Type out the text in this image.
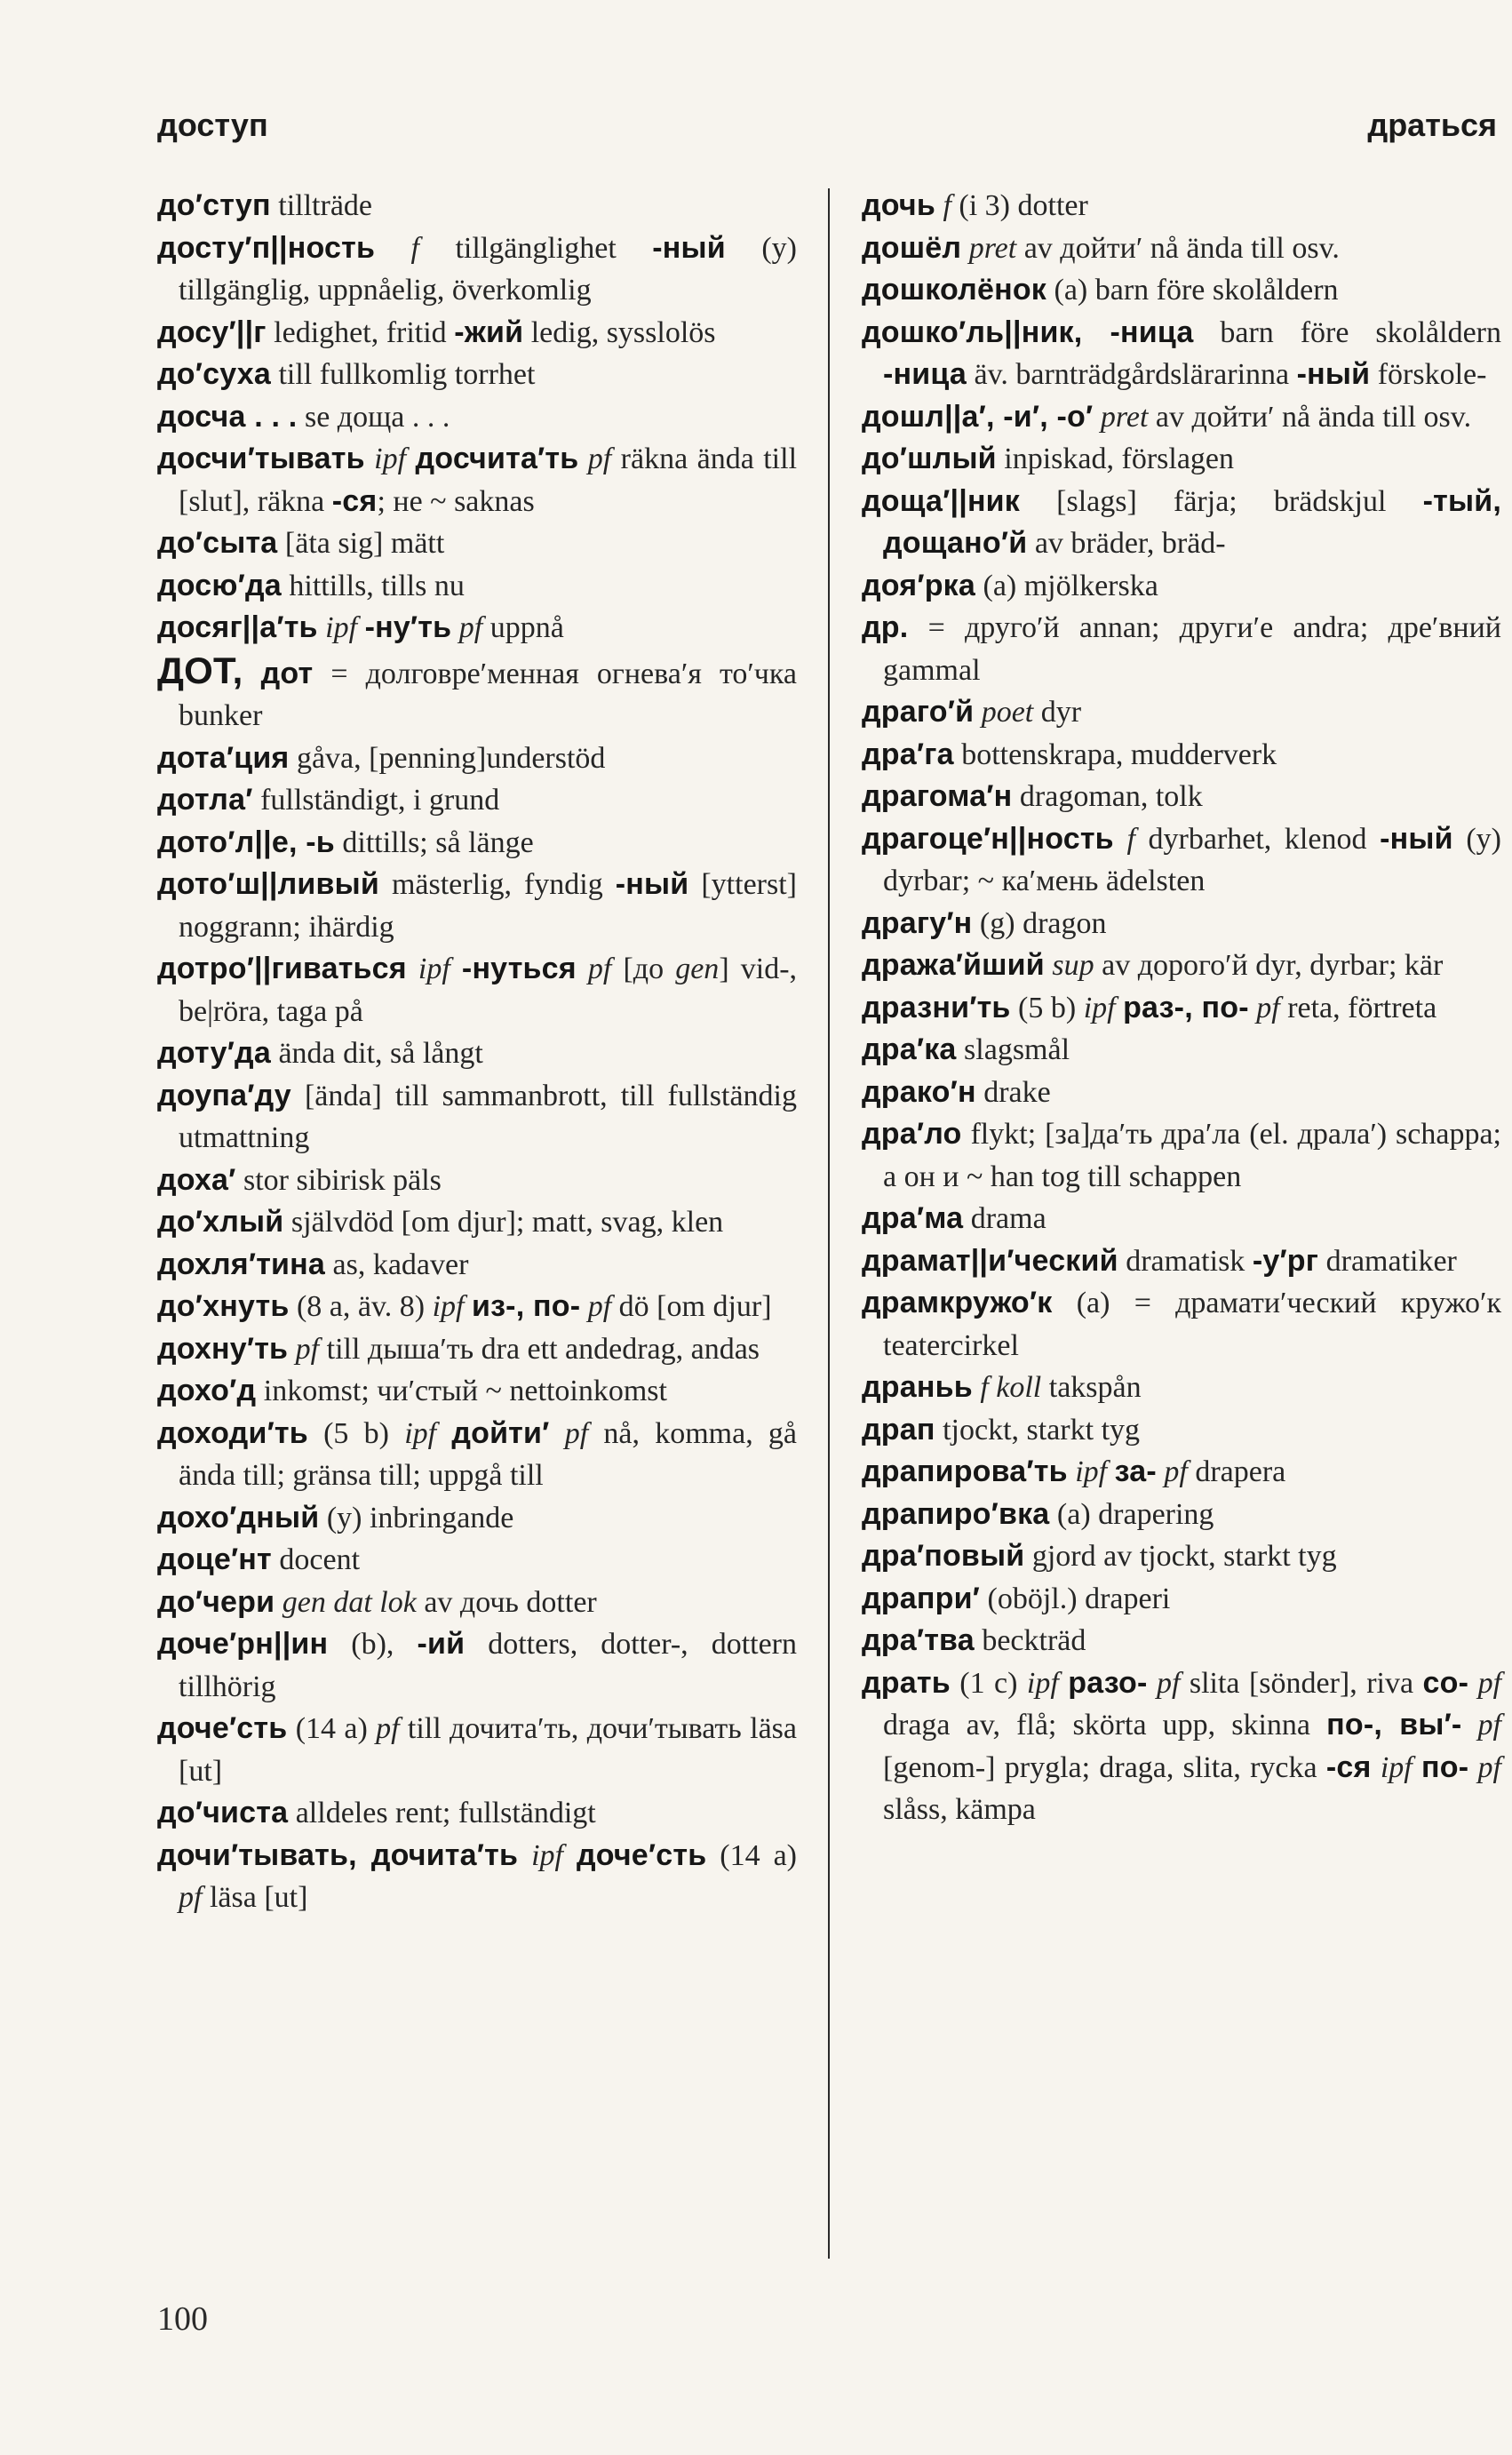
доступ	драться
до′ступ tillträde
досту′п||ность f tillgänglighet -ный (y) tillgänglig, uppnåelig, överkomlig
досу′||г ledighet, fritid -жий ledig, sysslolös
до′суха till fullkomlig torrhet
досча . . . se доща . . .
досчи′тывать ipf досчита′ть pf räkna ända till [slut], räkna -ся; не ~ saknas
до′сыта [äta sig] mätt
досю′да hittills, tills nu
досяг||а′ть ipf -ну′ть pf uppnå
ДОТ, дот = долговре′менная огнева′я то′чка bunker
дота′ция gåva, [penning]understöd
дотла′ fullständigt, i grund
дото′л||е, -ь dittills; så länge
дото′ш||ливый mästerlig, fyndig -ный [ytterst] noggrann; ihärdig
дотро′||гиваться ipf -нуться pf [до gen] vid-, be|röra, taga på
доту′да ända dit, så långt
доупа′ду [ända] till sammanbrott, till fullständig utmattning
доха′ stor sibirisk päls
до′хлый självdöd [om djur]; matt, svag, klen
дохля′тина as, kadaver
до′хнуть (8 a, äv. 8) ipf из-, по- pf dö [om djur]
дохну′ть pf till дыша′ть dra ett andedrag, andas
дохо′д inkomst; чи′стый ~ nettoinkomst
доходи′ть (5 b) ipf дойти′ pf nå, komma, gå ända till; gränsa till; uppgå till
дохо′дный (y) inbringande
доце′нт docent
до′чери gen dat lok av дочь dotter
доче′рн||ин (b), -ий dotters, dotter-, dottern tillhörig
доче′сть (14 a) pf till дочита′ть, дочи′тывать läsa [ut]
до′чиста alldeles rent; fullständigt
дочи′тывать, дочита′ть ipf доче′сть (14 a) pf läsa [ut]
дочь f (i 3) dotter
дошёл pret av дойти′ nå ända till osv.
дошколёнок (a) barn före skolåldern
дошко′ль||ник, -ница barn före skolåldern -ница äv. barnträdgårdslärarinna -ный förskole-
дошл||а′, -и′, -о′ pret av дойти′ nå ända till osv.
до′шлый inpiskad, förslagen
доща′||ник [slags] färja; brädskjul -тый, дощано′й av bräder, bräd-
доя′рка (a) mjölkerska
др. = друго′й annan; други′е andra; дре′вний gammal
драго′й poet dyr
дра′га bottenskrapa, mudderverk
драгома′н dragoman, tolk
драгоце′н||ность f dyrbarhet, klenod -ный (y) dyrbar; ~ ка′мень ädelsten
драгу′н (g) dragon
дража′йший sup av дорого′й dyr, dyrbar; kär
дразни′ть (5 b) ipf раз-, по- pf reta, förtreta
дра′ка slagsmål
драко′н drake
дра′ло flykt; [за]да′ть дра′ла (el. драла′) schappa; а он и ~ han tog till schappen
дра′ма drama
драмат||и′ческий dramatisk -у′рг dramatiker
драмкружо′к (a) = драмати′ческий кружо′к teatercirkel
драньь f koll takspån
драп tjockt, starkt tyg
драпирова′ть ipf за- pf drapera
драпиро′вка (a) drapering
дра′повый gjord av tjockt, starkt tyg
драпри′ (oböjl.) draperi
дра′тва beckträd
драть (1 c) ipf разо- pf slita [sönder], riva со- pf draga av, flå; skörta upp, skinna по-, вы′- pf [genom-] prygla; draga, slita, rycka -ся ipf по- pf slåss, kämpa
100
